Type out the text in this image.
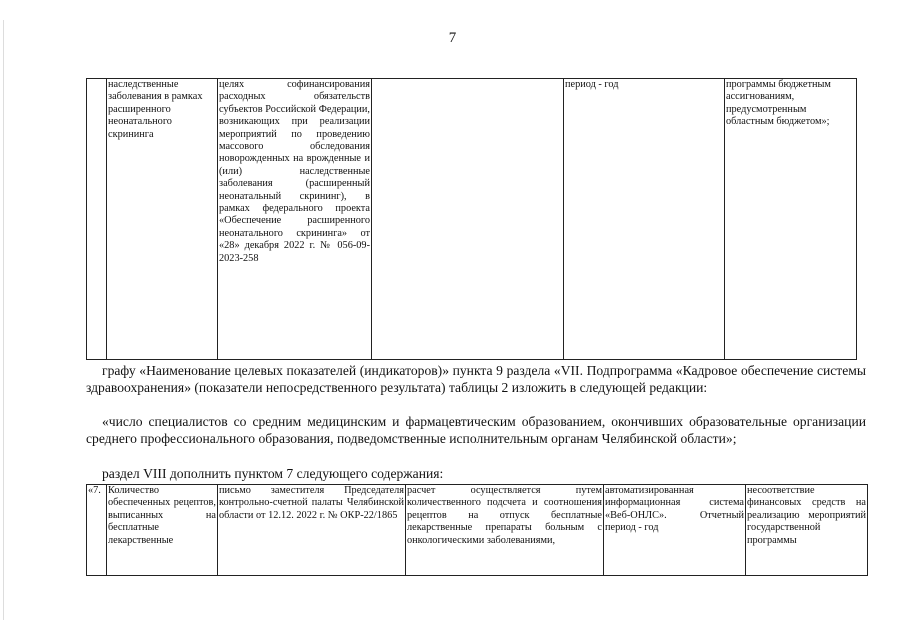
7
	наследственные заболевания в рамках расширенного неонатального скрининга	целях софинансирования расходных обязательств субъектов Российской Федерации, возникающих при реализации мероприятий по проведению массового обследования новорожденных на врожденные и (или) наследственные заболевания (расширенный неонатальный скрининг), в рамках федерального проекта «Обеспечение расширенного неонатального скрининга» от «28» декабря 2022 г. № 056-09-2023-258		период - год	программы бюджетным ассигнованиям, предусмотренным областным бюджетом»;
графу «Наименование целевых показателей (индикаторов)» пункта 9 раздела «VII. Подпрограмма «Кадровое обеспечение системы здравоохранения» (показатели непосредственного результата) таблицы 2 изложить в следующей редакции:
«число специалистов со средним медицинским и фармацевтическим образованием, окончивших образовательные организации среднего профессионального образования, подведомственные исполнительным органам Челябинской области»;
раздел VIII дополнить пунктом 7 следующего содержания:
«7.	Количество обеспеченных рецептов, выписанных на бесплатные лекарственные	письмо заместителя Председателя контрольно-счетной палаты Челябинской области от 12.12. 2022 г. № ОКР-22/1865	расчет осуществляется путем количественного подсчета и соотношения рецептов на отпуск бесплатные лекарственные препараты больным с онкологическими заболеваниями,	автоматизированная информационная система «Веб-ОНЛС». Отчетный период - год	несоответствие финансовых средств на реализацию мероприятий государственной программы
